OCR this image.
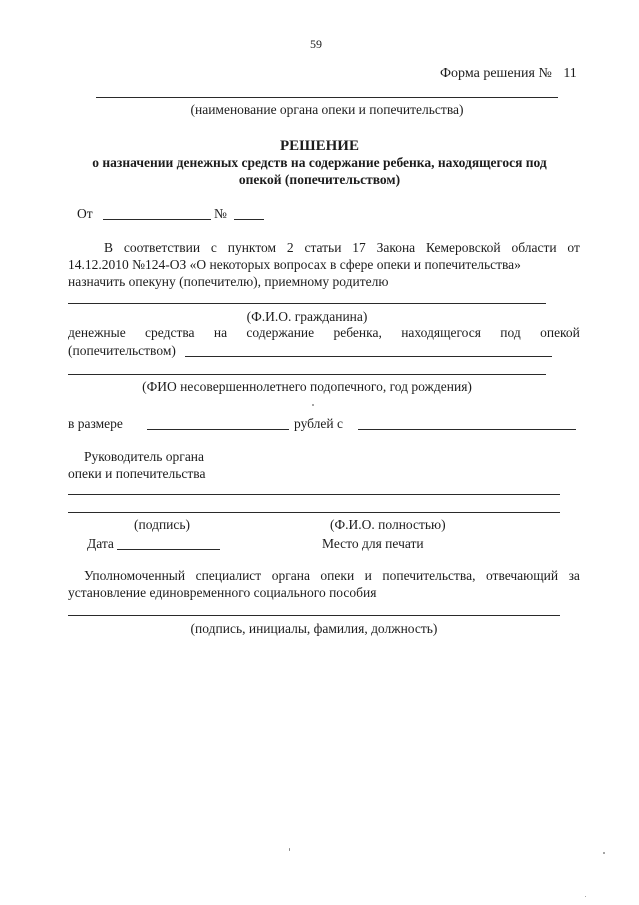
59
Форма решения № 11
(наименование органа опеки и попечительства)
РЕШЕНИЕ
о назначении денежных средств на содержание ребенка, находящегося под
опекой (попечительством)
От	№
В соответствии с пунктом 2 статьи 17 Закона Кемеровской области от
14.12.2010 №124-ОЗ «О некоторых вопросах в сфере опеки и попечительства»
назначить опекуну (попечителю), приемному родителю
(Ф.И.О. гражданина)
денежные средства на содержание ребенка, находящегося под опекой
(попечительством)
(ФИО несовершеннолетнего подопечного, год рождения)
в размере	рублей с
Руководитель органа
опеки и попечительства
(подпись)	(Ф.И.О. полностью)
Дата	Место для печати
Уполномоченный специалист органа опеки и попечительства, отвечающий за
установление единовременного социального пособия
(подпись, инициалы, фамилия, должность)
